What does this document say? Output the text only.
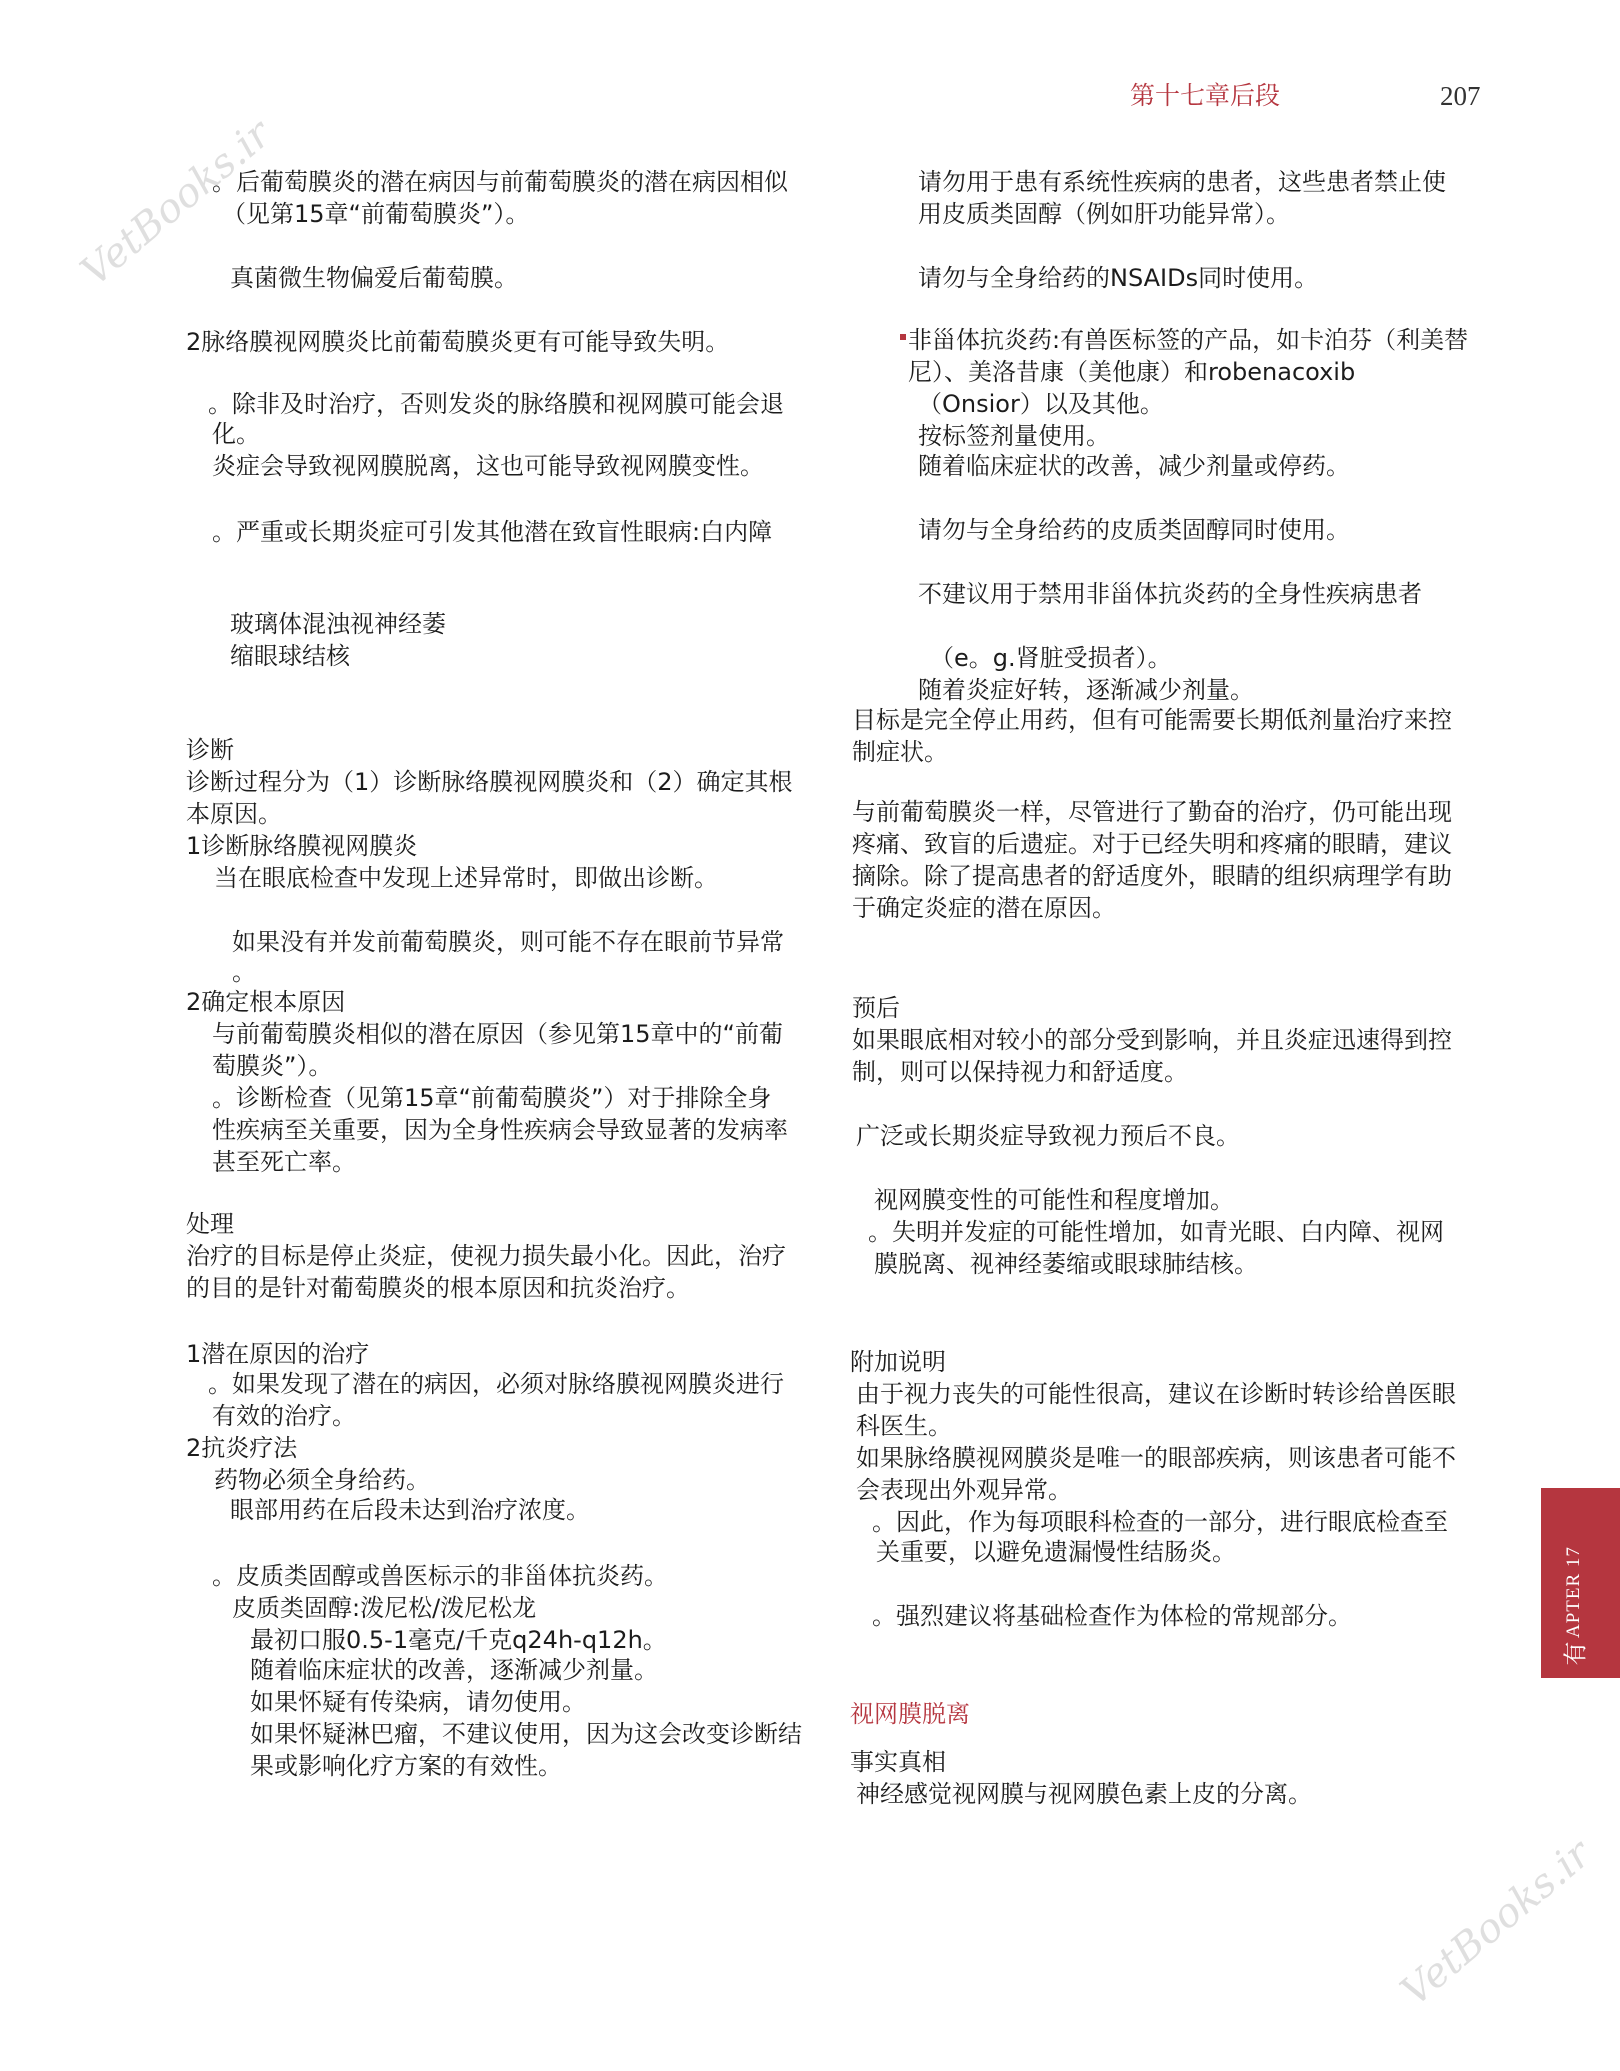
第十七章后段	207
VetBooks.ir
VetBooks.ir
。后葡萄膜炎的潜在病因与前葡萄膜炎的潜在病因相似
（见第15章“前葡萄膜炎”）。
真菌微生物偏爱后葡萄膜。
2脉络膜视网膜炎比前葡萄膜炎更有可能导致失明。
。除非及时治疗，否则发炎的脉络膜和视网膜可能会退
化。
炎症会导致视网膜脱离，这也可能导致视网膜变性。
。严重或长期炎症可引发其他潜在致盲性眼病:白内障
玻璃体混浊视神经萎
缩眼球结核
诊断
诊断过程分为（1）诊断脉络膜视网膜炎和（2）确定其根
本原因。
1诊断脉络膜视网膜炎
当在眼底检查中发现上述异常时，即做出诊断。
如果没有并发前葡萄膜炎，则可能不存在眼前节异常
。
2确定根本原因
与前葡萄膜炎相似的潜在原因（参见第15章中的“前葡
萄膜炎”）。
。诊断检查（见第15章“前葡萄膜炎”）对于排除全身
性疾病至关重要，因为全身性疾病会导致显著的发病率
甚至死亡率。
处理
治疗的目标是停止炎症，使视力损失最小化。因此，治疗
的目的是针对葡萄膜炎的根本原因和抗炎治疗。
1潜在原因的治疗
。如果发现了潜在的病因，必须对脉络膜视网膜炎进行
有效的治疗。
2抗炎疗法
药物必须全身给药。
眼部用药在后段未达到治疗浓度。
。皮质类固醇或兽医标示的非甾体抗炎药。
皮质类固醇:泼尼松/泼尼松龙
最初口服0.5-1毫克/千克q24h-q12h。
随着临床症状的改善，逐渐减少剂量。
如果怀疑有传染病，请勿使用。
如果怀疑淋巴瘤，不建议使用，因为这会改变诊断结
果或影响化疗方案的有效性。
请勿用于患有系统性疾病的患者，这些患者禁止使
用皮质类固醇（例如肝功能异常）。
请勿与全身给药的NSAIDs同时使用。
非甾体抗炎药:有兽医标签的产品，如卡泊芬（利美替
尼）、美洛昔康（美他康）和robenacoxib
（Onsior）以及其他。
按标签剂量使用。
随着临床症状的改善，减少剂量或停药。
请勿与全身给药的皮质类固醇同时使用。
不建议用于禁用非甾体抗炎药的全身性疾病患者
（e。g.肾脏受损者）。
随着炎症好转，逐渐减少剂量。
目标是完全停止用药，但有可能需要长期低剂量治疗来控
制症状。
与前葡萄膜炎一样，尽管进行了勤奋的治疗，仍可能出现
疼痛、致盲的后遗症。对于已经失明和疼痛的眼睛，建议
摘除。除了提高患者的舒适度外，眼睛的组织病理学有助
于确定炎症的潜在原因。
预后
如果眼底相对较小的部分受到影响，并且炎症迅速得到控
制，则可以保持视力和舒适度。
广泛或长期炎症导致视力预后不良。
视网膜变性的可能性和程度增加。
。失明并发症的可能性增加，如青光眼、白内障、视网
膜脱离、视神经萎缩或眼球肺结核。
附加说明
由于视力丧失的可能性很高，建议在诊断时转诊给兽医眼
科医生。
如果脉络膜视网膜炎是唯一的眼部疾病，则该患者可能不
会表现出外观异常。
。因此，作为每项眼科检查的一部分，进行眼底检查至
关重要，以避免遗漏慢性结肠炎。
。强烈建议将基础检查作为体检的常规部分。
视网膜脱离
事实真相
神经感觉视网膜与视网膜色素上皮的分离。
APTER 17
有
